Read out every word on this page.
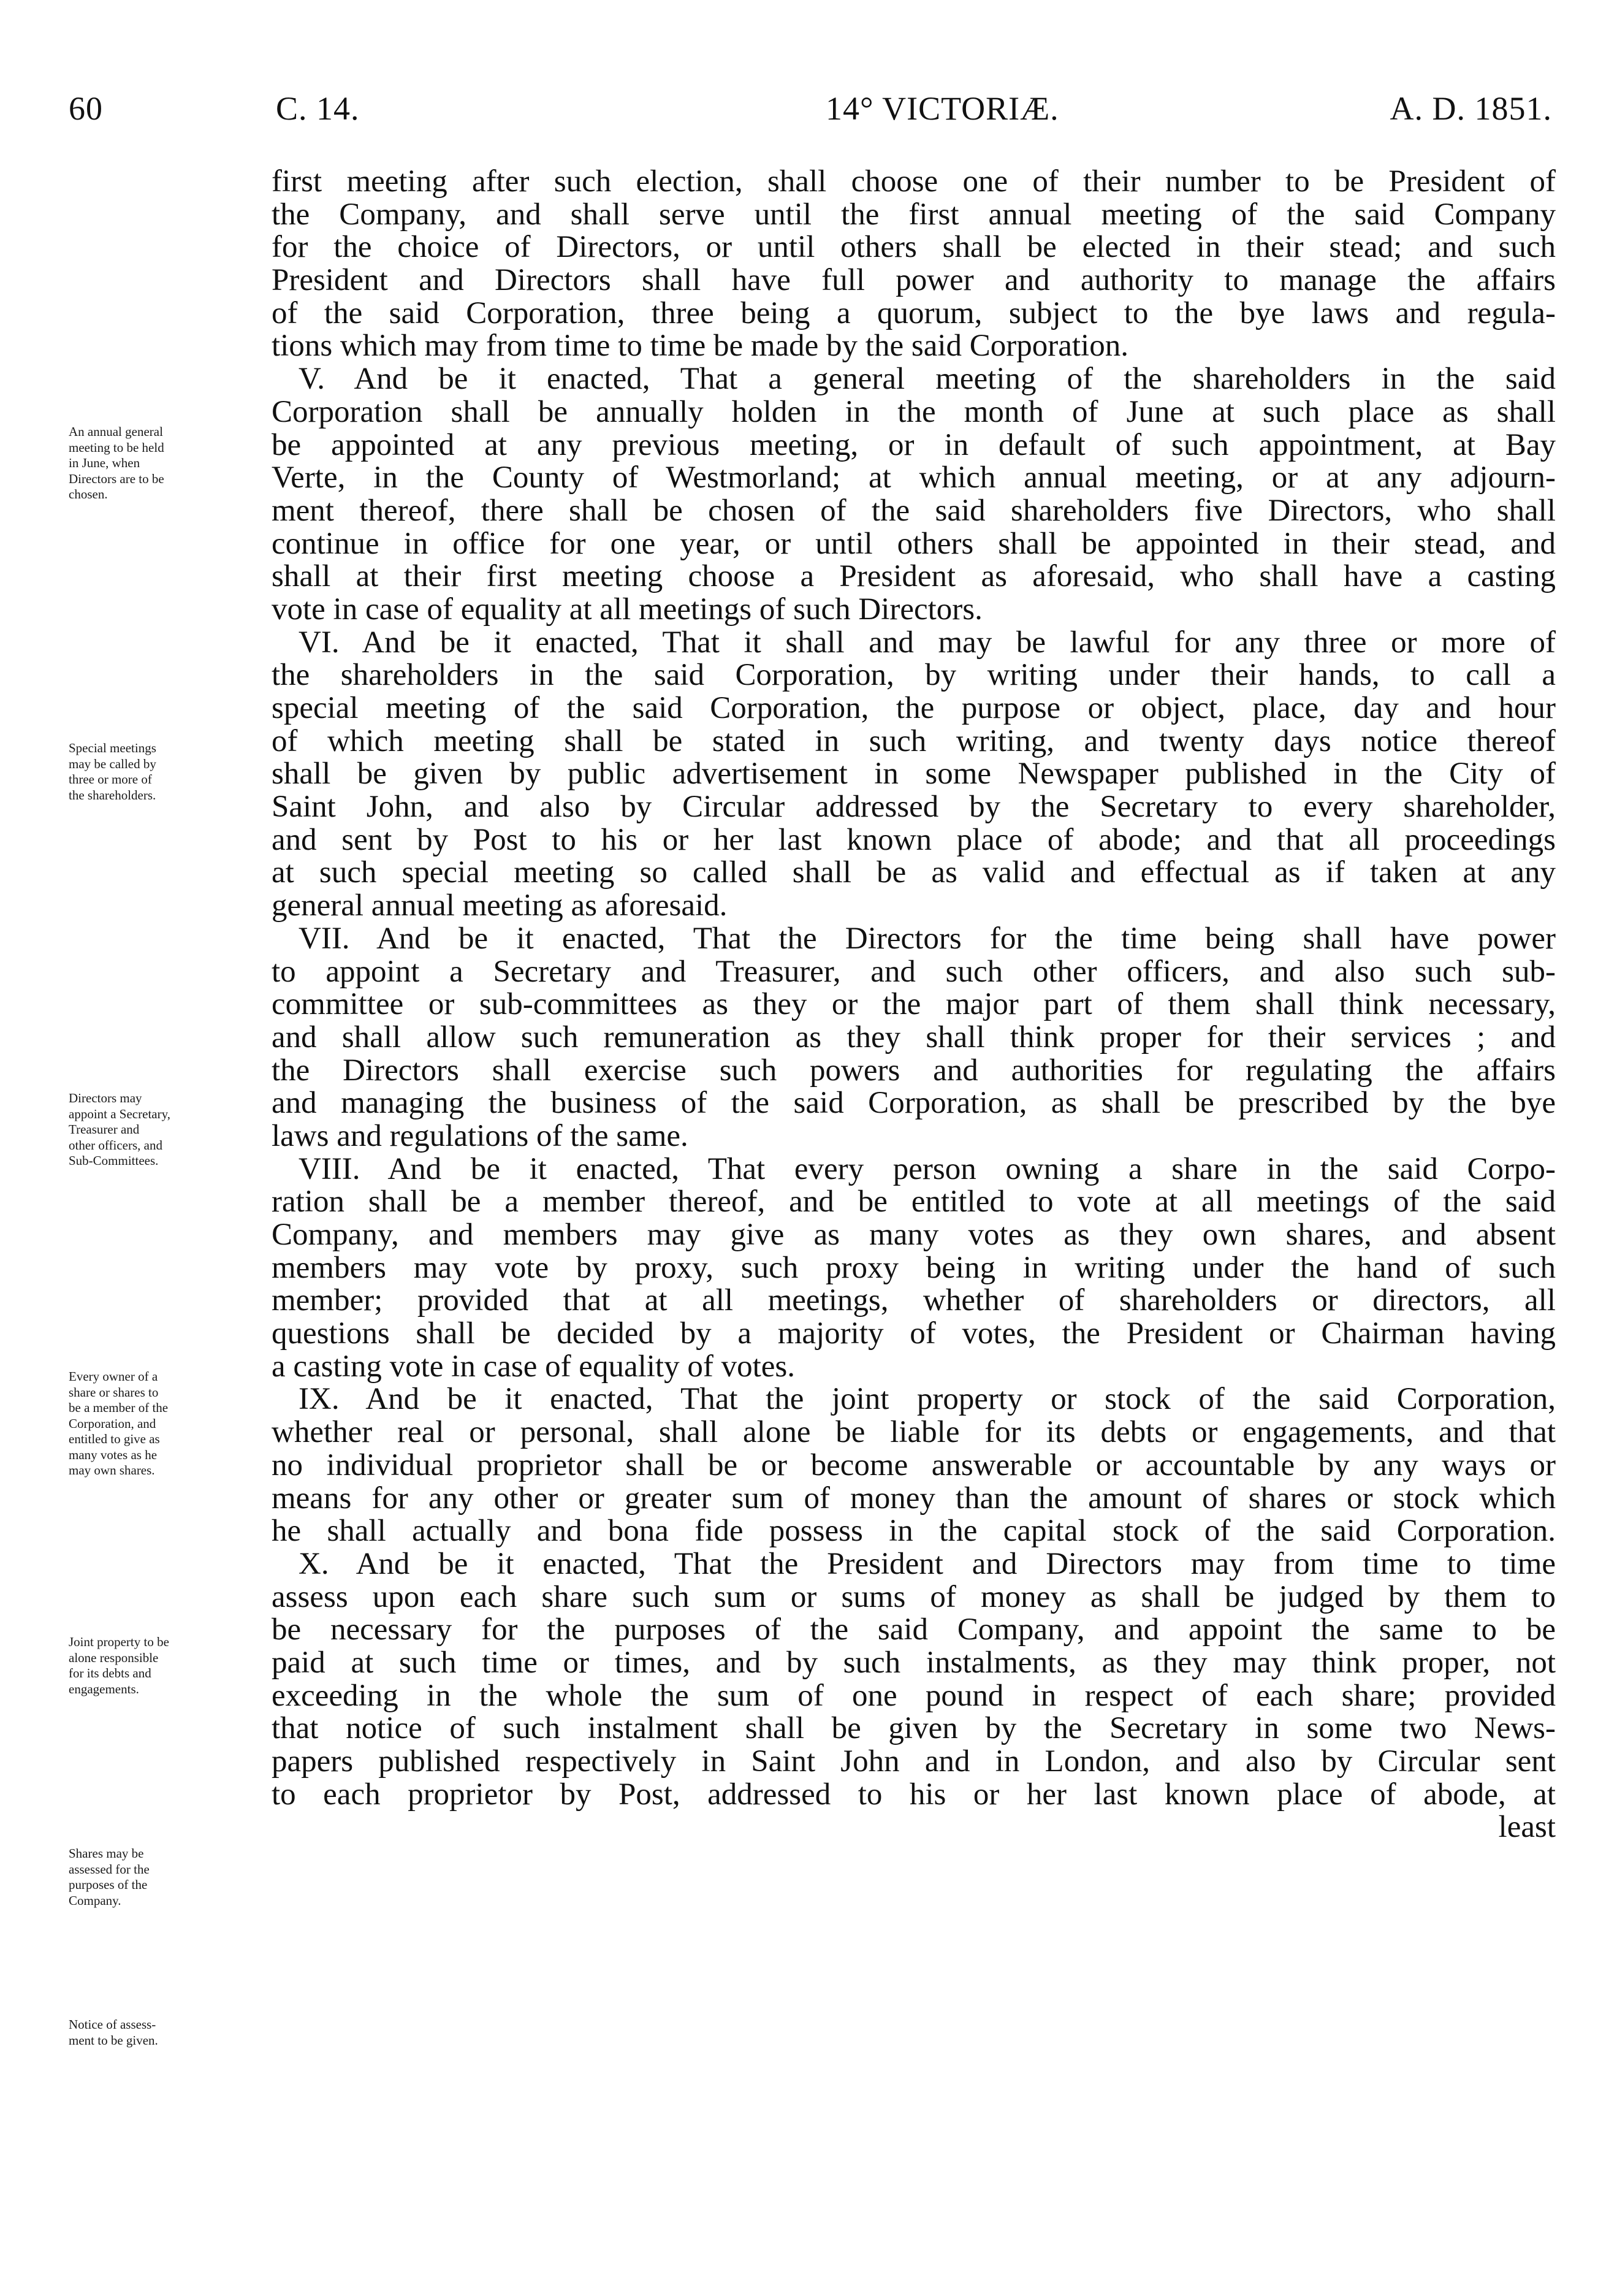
60	C. 14.	14° VICTORIÆ.	A. D. 1851.
An annual general
meeting to be held
in June, when
Directors are to be
chosen.
Special meetings
may be called by
three or more of
the shareholders.
Directors may
appoint a Secretary,
Treasurer and
other officers, and
Sub-Committees.
Every owner of a
share or shares to
be a member of the
Corporation, and
entitled to give as
many votes as he
may own shares.
Joint property to be
alone responsible
for its debts and
engagements.
Shares may be
assessed for the
purposes of the
Company.
Notice of assess-
ment to be given.
first meeting after such election, shall choose one of their number to be President of
the Company, and shall serve until the first annual meeting of the said Company
for the choice of Directors, or until others shall be elected in their stead; and such
President and Directors shall have full power and authority to manage the affairs
of the said Corporation, three being a quorum, subject to the bye laws and regula-
tions which may from time to time be made by the said Corporation.
V. And be it enacted, That a general meeting of the shareholders in the said
Corporation shall be annually holden in the month of June at such place as shall
be appointed at any previous meeting, or in default of such appointment, at Bay
Verte, in the County of Westmorland; at which annual meeting, or at any adjourn-
ment thereof, there shall be chosen of the said shareholders five Directors, who shall
continue in office for one year, or until others shall be appointed in their stead, and
shall at their first meeting choose a President as aforesaid, who shall have a casting
vote in case of equality at all meetings of such Directors.
VI. And be it enacted, That it shall and may be lawful for any three or more of
the shareholders in the said Corporation, by writing under their hands, to call a
special meeting of the said Corporation, the purpose or object, place, day and hour
of which meeting shall be stated in such writing, and twenty days notice thereof
shall be given by public advertisement in some Newspaper published in the City of
Saint John, and also by Circular addressed by the Secretary to every shareholder,
and sent by Post to his or her last known place of abode; and that all proceedings
at such special meeting so called shall be as valid and effectual as if taken at any
general annual meeting as aforesaid.
VII. And be it enacted, That the Directors for the time being shall have power
to appoint a Secretary and Treasurer, and such other officers, and also such sub-
committee or sub-committees as they or the major part of them shall think necessary,
and shall allow such remuneration as they shall think proper for their services ; and
the Directors shall exercise such powers and authorities for regulating the affairs
and managing the business of the said Corporation, as shall be prescribed by the bye
laws and regulations of the same.
VIII. And be it enacted, That every person owning a share in the said Corpo-
ration shall be a member thereof, and be entitled to vote at all meetings of the said
Company, and members may give as many votes as they own shares, and absent
members may vote by proxy, such proxy being in writing under the hand of such
member; provided that at all meetings, whether of shareholders or directors, all
questions shall be decided by a majority of votes, the President or Chairman having
a casting vote in case of equality of votes.
IX. And be it enacted, That the joint property or stock of the said Corporation,
whether real or personal, shall alone be liable for its debts or engagements, and that
no individual proprietor shall be or become answerable or accountable by any ways or
means for any other or greater sum of money than the amount of shares or stock which
he shall actually and bona fide possess in the capital stock of the said Corporation.
X. And be it enacted, That the President and Directors may from time to time
assess upon each share such sum or sums of money as shall be judged by them to
be necessary for the purposes of the said Company, and appoint the same to be
paid at such time or times, and by such instalments, as they may think proper, not
exceeding in the whole the sum of one pound in respect of each share; provided
that notice of such instalment shall be given by the Secretary in some two News-
papers published respectively in Saint John and in London, and also by Circular sent
to each proprietor by Post, addressed to his or her last known place of abode, at
least
